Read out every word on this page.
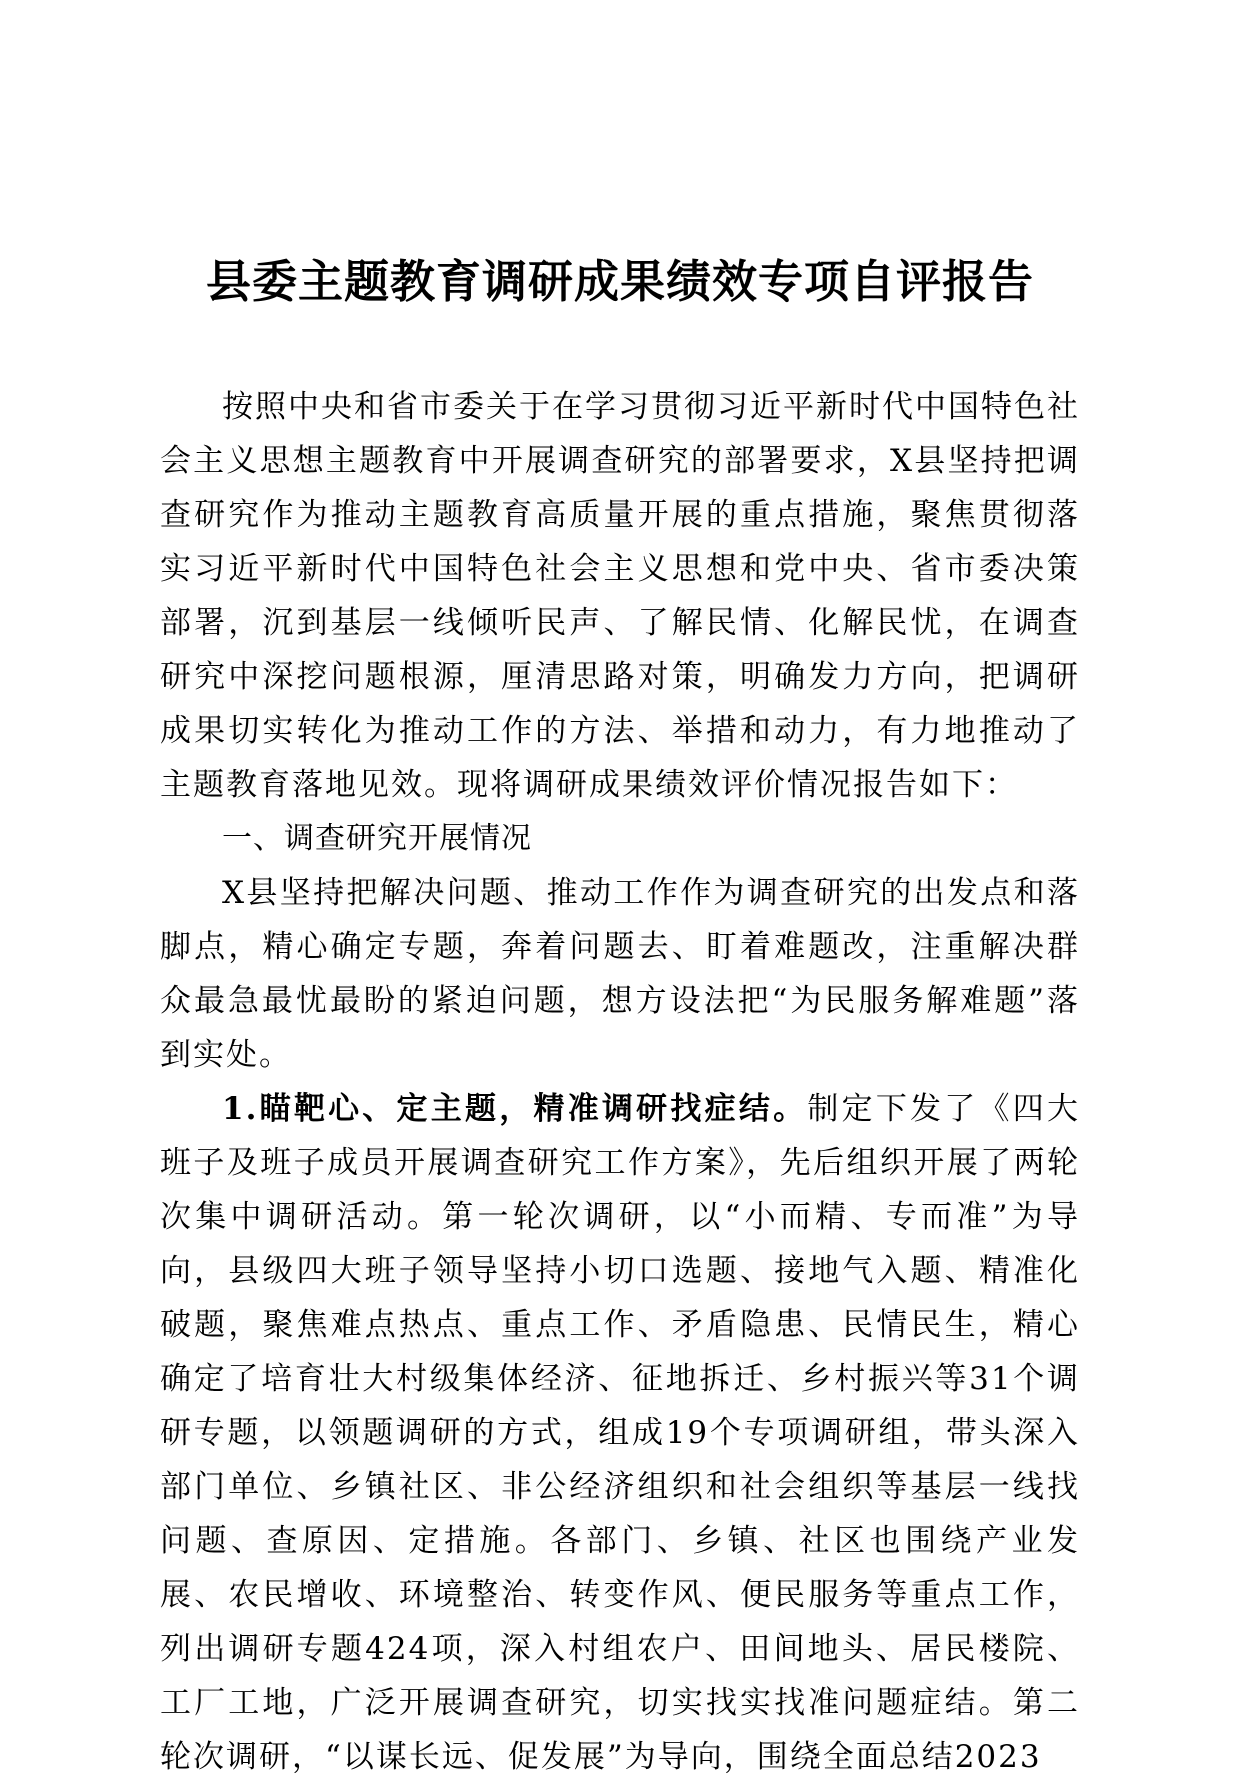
县委主题教育调研成果绩效专项自评报告

按照中央和省市委关于在学习贯彻习近平新时代中国特色社会主义思想主题教育中开展调查研究的部署要求，X县坚持把调查研究作为推动主题教育高质量开展的重点措施，聚焦贯彻落实习近平新时代中国特色社会主义思想和党中央、省市委决策部署，沉到基层一线倾听民声、了解民情、化解民忧，在调查研究中深挖问题根源，厘清思路对策，明确发力方向，把调研成果切实转化为推动工作的方法、举措和动力，有力地推动了主题教育落地见效。现将调研成果绩效评价情况报告如下：

一、调查研究开展情况

X县坚持把解决问题、推动工作作为调查研究的出发点和落脚点，精心确定专题，奔着问题去、盯着难题改，注重解决群众最急最忧最盼的紧迫问题，想方设法把“为民服务解难题”落到实处。

1.瞄靶心、定主题，精准调研找症结。制定下发了《四大班子及班子成员开展调查研究工作方案》，先后组织开展了两轮次集中调研活动。第一轮次调研，以“小而精、专而准”为导向，县级四大班子领导坚持小切口选题、接地气入题、精准化破题，聚焦难点热点、重点工作、矛盾隐患、民情民生，精心确定了培育壮大村级集体经济、征地拆迁、乡村振兴等31个调研专题，以领题调研的方式，组成19个专项调研组，带头深入部门单位、乡镇社区、非公经济组织和社会组织等基层一线找问题、查原因、定措施。各部门、乡镇、社区也围绕产业发展、农民增收、环境整治、转变作风、便民服务等重点工作，列出调研专题424项，深入村组农户、田间地头、居民楼院、工厂工地，广泛开展调查研究，切实找实找准问题症结。第二轮次调研，“以谋长远、促发展”为导向，围绕全面总结2023
